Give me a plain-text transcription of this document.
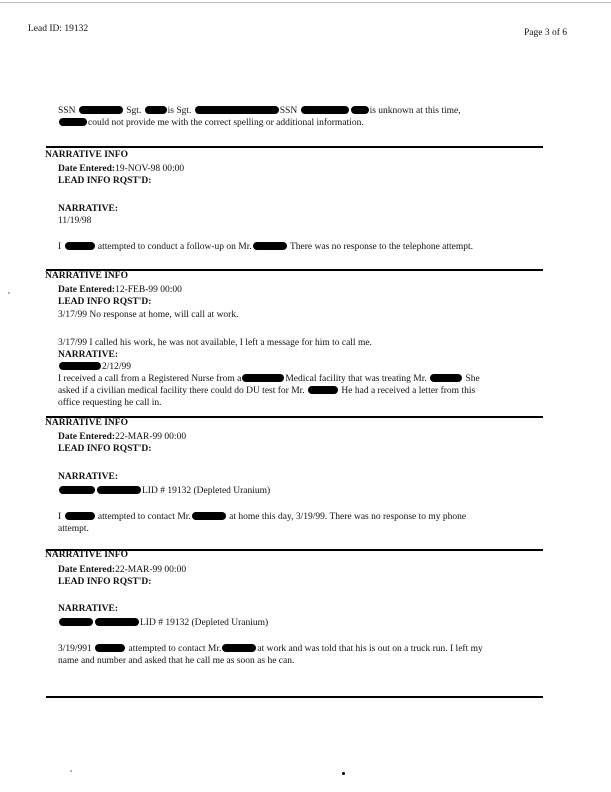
Lead ID: 19132	Page 3 of 6
SSN	Sgt.	is Sgt.	SSN	is unknown at this time,
could not provide me with the correct spelling or additional information.
NARRATIVE INFO
Date Entered:19-NOV-98 00:00
LEAD INFO RQST'D:
NARRATIVE:
11/19/98
I	attempted to conduct a follow-up on Mr.	There was no response to the telephone attempt.
NARRATIVE INFO
Date Entered:12-FEB-99 00:00
LEAD INFO RQST'D:
3/17/99 No response at home, will call at work.
3/17/99 I called his work, he was not available, I left a message for him to call me.
NARRATIVE:
2/12/99
I received a call from a Registered Nurse from a	Medical facility that was treating Mr.	She
asked if a civilian medical facility there could do DU test for Mr.	He had a received a letter from this
office requesting he call in.
NARRATIVE INFO
Date Entered:22-MAR-99 00:00
LEAD INFO RQST'D:
NARRATIVE:
LID # 19132 (Depleted Uranium)
I	attempted to contact Mr.	at home this day, 3/19/99. There was no response to my phone
attempt.
NARRATIVE INFO
Date Entered:22-MAR-99 00:00
LEAD INFO RQST'D:
NARRATIVE:
LID # 19132 (Depleted Uranium)
3/19/991	attempted to contact Mr.	at work and was told that his is out on a truck run. I left my
name and number and asked that he call me as soon as he can.
